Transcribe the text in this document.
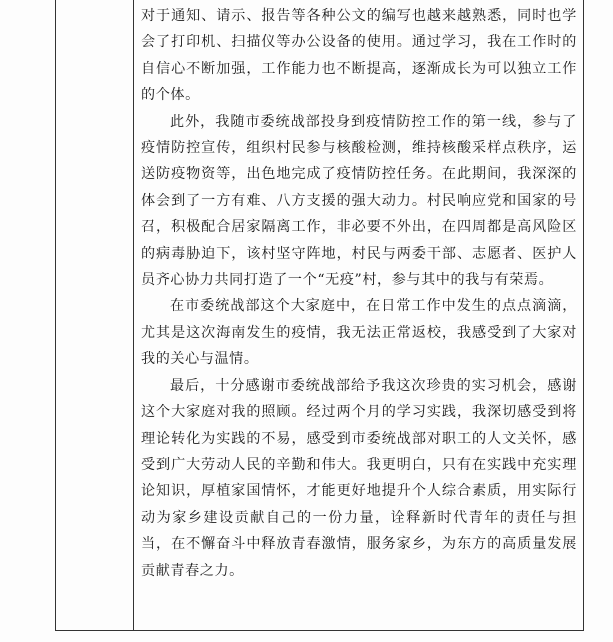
对于通知、请示、报告等各种公文的编写也越来越熟悉，同时也学
会了打印机、扫描仪等办公设备的使用。通过学习，我在工作时的
自信心不断加强，工作能力也不断提高，逐渐成长为可以独立工作
的个体。
此外，我随市委统战部投身到疫情防控工作的第一线，参与了
疫情防控宣传，组织村民参与核酸检测，维持核酸采样点秩序，运
送防疫物资等，出色地完成了疫情防控任务。在此期间，我深深的
体会到了一方有难、八方支援的强大动力。村民响应党和国家的号
召，积极配合居家隔离工作，非必要不外出，在四周都是高风险区
的病毒胁迫下，该村坚守阵地，村民与两委干部、志愿者、医护人
员齐心协力共同打造了一个“无疫”村，参与其中的我与有荣焉。
在市委统战部这个大家庭中，在日常工作中发生的点点滴滴，
尤其是这次海南发生的疫情，我无法正常返校，我感受到了大家对
我的关心与温情。
最后，十分感谢市委统战部给予我这次珍贵的实习机会，感谢
这个大家庭对我的照顾。经过两个月的学习实践，我深切感受到将
理论转化为实践的不易，感受到市委统战部对职工的人文关怀，感
受到广大劳动人民的辛勤和伟大。我更明白，只有在实践中充实理
论知识，厚植家国情怀，才能更好地提升个人综合素质，用实际行
动为家乡建设贡献自己的一份力量，诠释新时代青年的责任与担
当，在不懈奋斗中释放青春激情，服务家乡，为东方的高质量发展
贡献青春之力。
